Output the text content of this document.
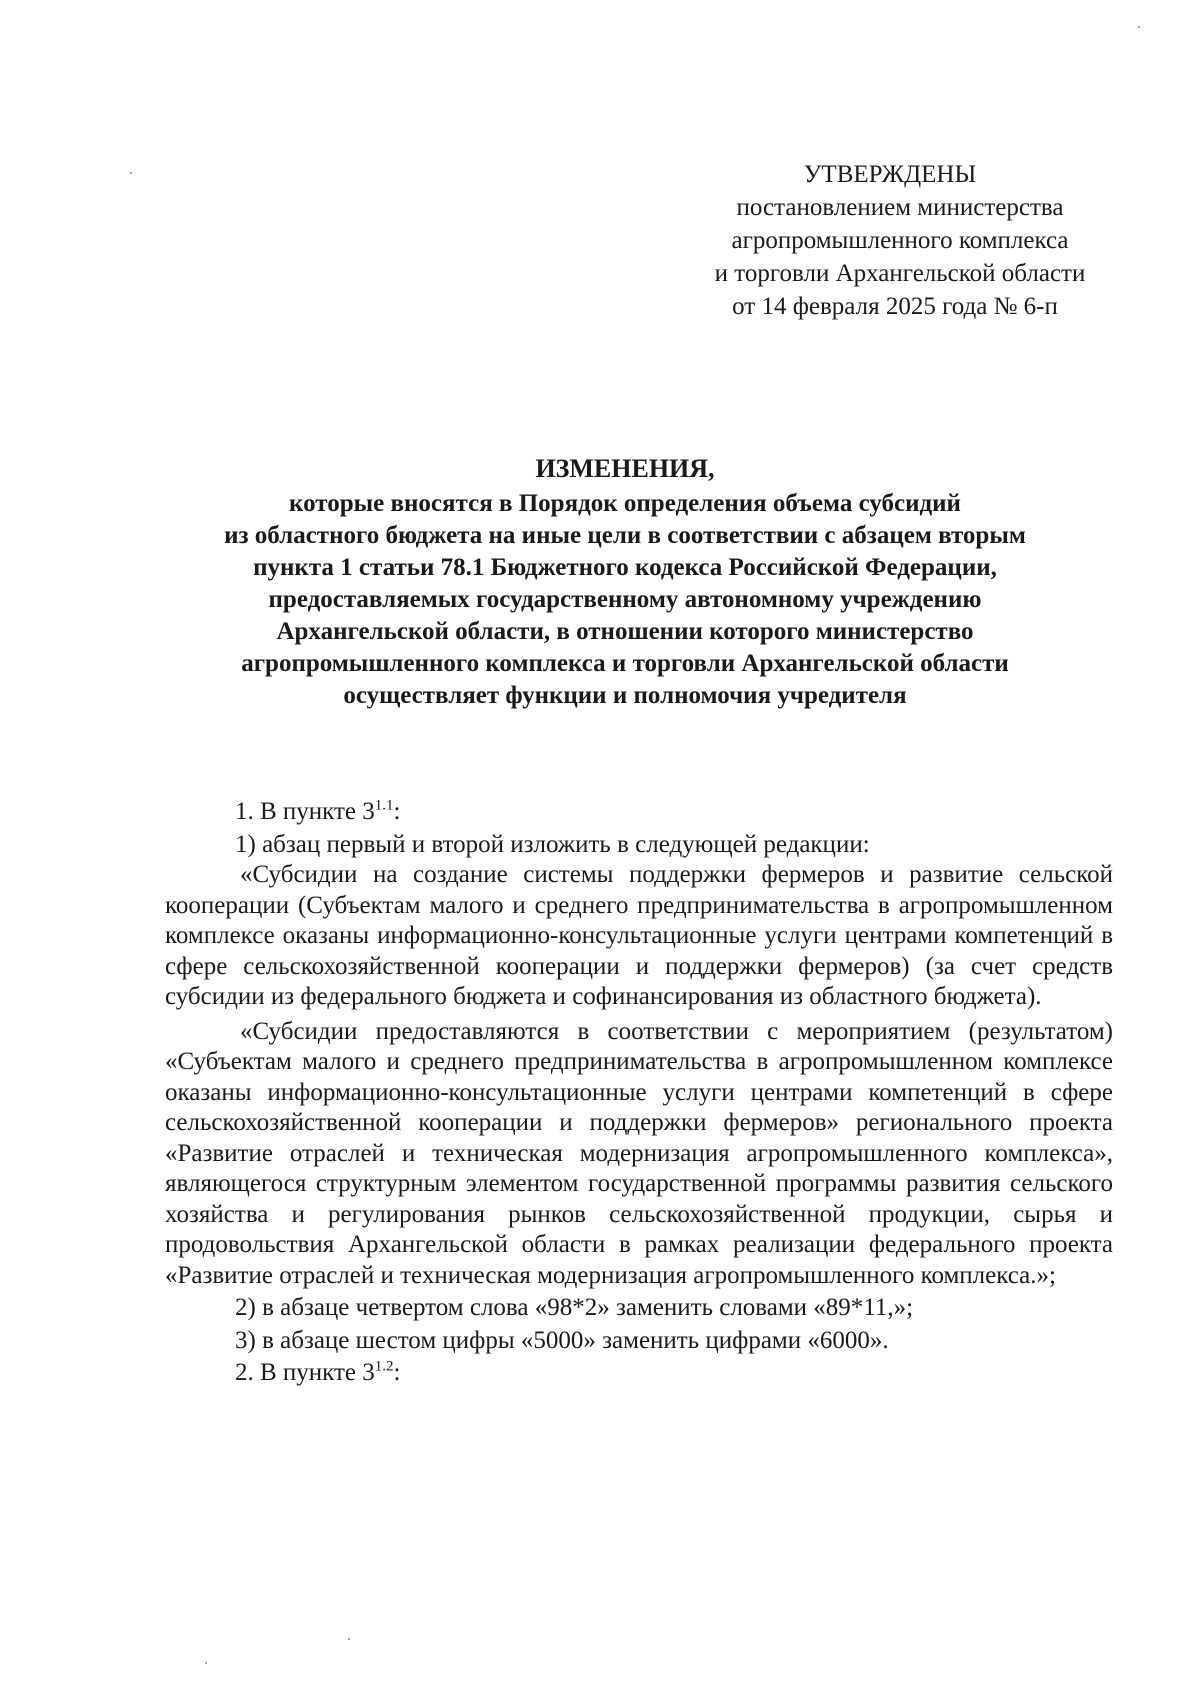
УТВЕРЖДЕНЫ
постановлением министерства
агропромышленного комплекса
и торговли Архангельской области
от 14 февраля 2025 года № 6-п
ИЗМЕНЕНИЯ,
которые вносятся в Порядок определения объема субсидий
из областного бюджета на иные цели в соответствии с абзацем вторым
пункта 1 статьи 78.1 Бюджетного кодекса Российской Федерации,
предоставляемых государственному автономному учреждению
Архангельской области, в отношении которого министерство
агропромышленного комплекса и торговли Архангельской области
осуществляет функции и полномочия учредителя

1. В пункте $3^{1.1}$:

1) абзац первый и второй изложить в следующей редакции:

«Субсидии на создание системы поддержки фермеров и развитие сельской кооперации (Субъектам малого и среднего предпринимательства в агропромышленном комплексе оказаны информационно-консультационные услуги центрами компетенций в сфере сельскохозяйственной кооперации и поддержки фермеров) (за счет средств субсидии из федерального бюджета и софинансирования из областного бюджета).

«Субсидии предоставляются в соответствии с мероприятием (результатом) «Субъектам малого и среднего предпринимательства в агропромышленном комплексе оказаны информационно-консультационные услуги центрами компетенций в сфере сельскохозяйственной кооперации и поддержки фермеров» регионального проекта «Развитие отраслей и техническая модернизация агропромышленного комплекса», являющегося структурным элементом государственной программы развития сельского хозяйства и регулирования рынков сельскохозяйственной продукции, сырья и продовольствия Архангельской области в рамках реализации федерального проекта «Развитие отраслей и техническая модернизация агропромышленного комплекса.»;

2) в абзаце четвертом слова «98*2» заменить словами «89*11,»;

3) в абзаце шестом цифры «5000» заменить цифрами «6000».

2. В пункте $3^{1.2}$:
